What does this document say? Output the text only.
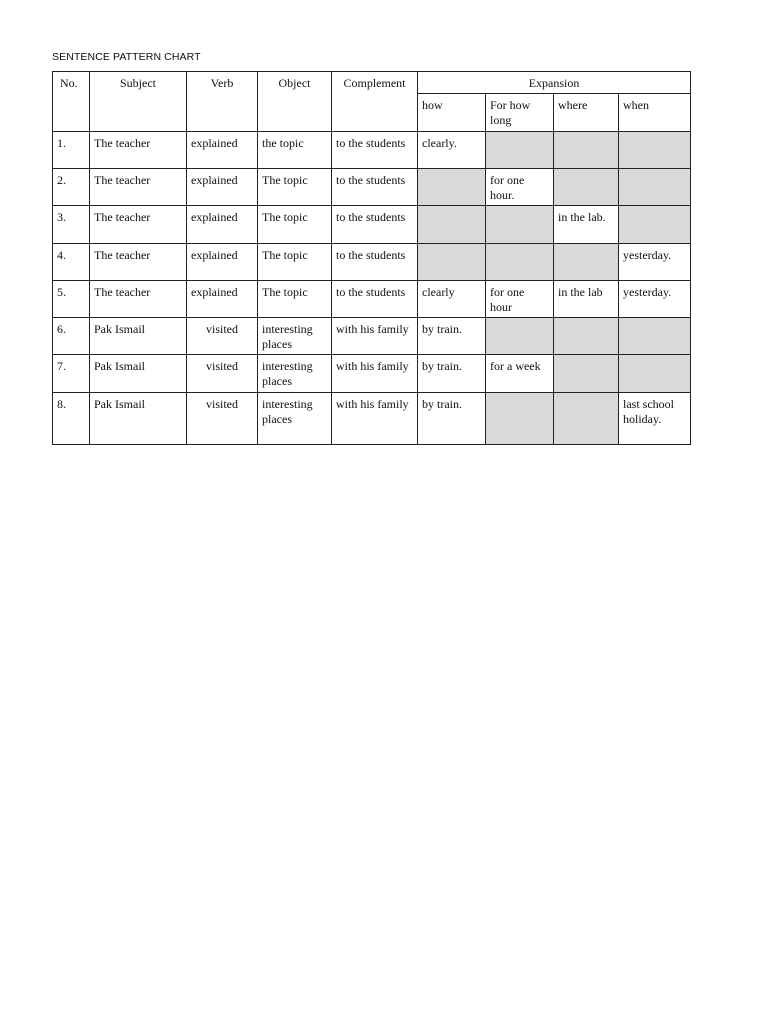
SENTENCE PATTERN CHART
No.	Subject	Verb	Object	Complement	Expansion			
					how	For how long	where	when
1.	The teacher	explained	the topic	to the students	clearly.			
2.	The teacher	explained	The topic	to the students		for one hour.		
3.	The teacher	explained	The topic	to the students			in the lab.	
4.	The teacher	explained	The topic	to the students				yesterday.
5.	The teacher	explained	The topic	to the students	clearly	for one hour	in the lab	yesterday.
6.	Pak Ismail	visited	interesting places	with his family	by train.			
7.	Pak Ismail	visited	interesting places	with his family	by train.	for a week		
8.	Pak Ismail	visited	interesting places	with his family	by train.			last school holiday.
